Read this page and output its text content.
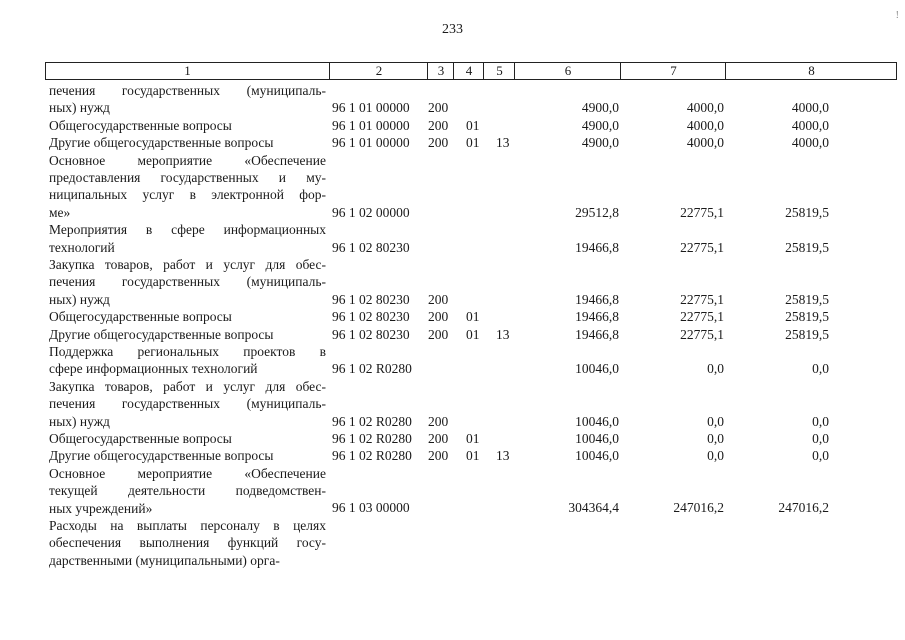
233
!
1	2	3	4	5	6	7	8
печения государственных (муниципаль-
ных) нужд	96 1 01 00000 200	4900,0	4000,0	4000,0
Общегосударственные вопросы	96 1 01 00000 200 01	4900,0	4000,0	4000,0
Другие общегосударственные вопросы	96 1 01 00000 200 01 13	4900,0	4000,0	4000,0
Основное мероприятие «Обеспечение
предоставления государственных и му-
ниципальных услуг в электронной фор-
ме»	96 1 02 00000	29512,8	22775,1	25819,5
Мероприятия в сфере информационных
технологий	96 1 02 80230	19466,8	22775,1	25819,5
Закупка товаров, работ и услуг для обес-
печения государственных (муниципаль-
ных) нужд	96 1 02 80230 200	19466,8	22775,1	25819,5
Общегосударственные вопросы	96 1 02 80230 200 01	19466,8	22775,1	25819,5
Другие общегосударственные вопросы	96 1 02 80230 200 01 13	19466,8	22775,1	25819,5
Поддержка региональных проектов в
сфере информационных технологий	96 1 02 R0280	10046,0	0,0	0,0
Закупка товаров, работ и услуг для обес-
печения государственных (муниципаль-
ных) нужд	96 1 02 R0280 200	10046,0	0,0	0,0
Общегосударственные вопросы	96 1 02 R0280 200 01	10046,0	0,0	0,0
Другие общегосударственные вопросы	96 1 02 R0280 200 01 13	10046,0	0,0	0,0
Основное мероприятие «Обеспечение
текущей деятельности подведомствен-
ных учреждений»	96 1 03 00000	304364,4	247016,2	247016,2
Расходы на выплаты персоналу в целях
обеспечения выполнения функций госу-
дарственными (муниципальными) орга-
